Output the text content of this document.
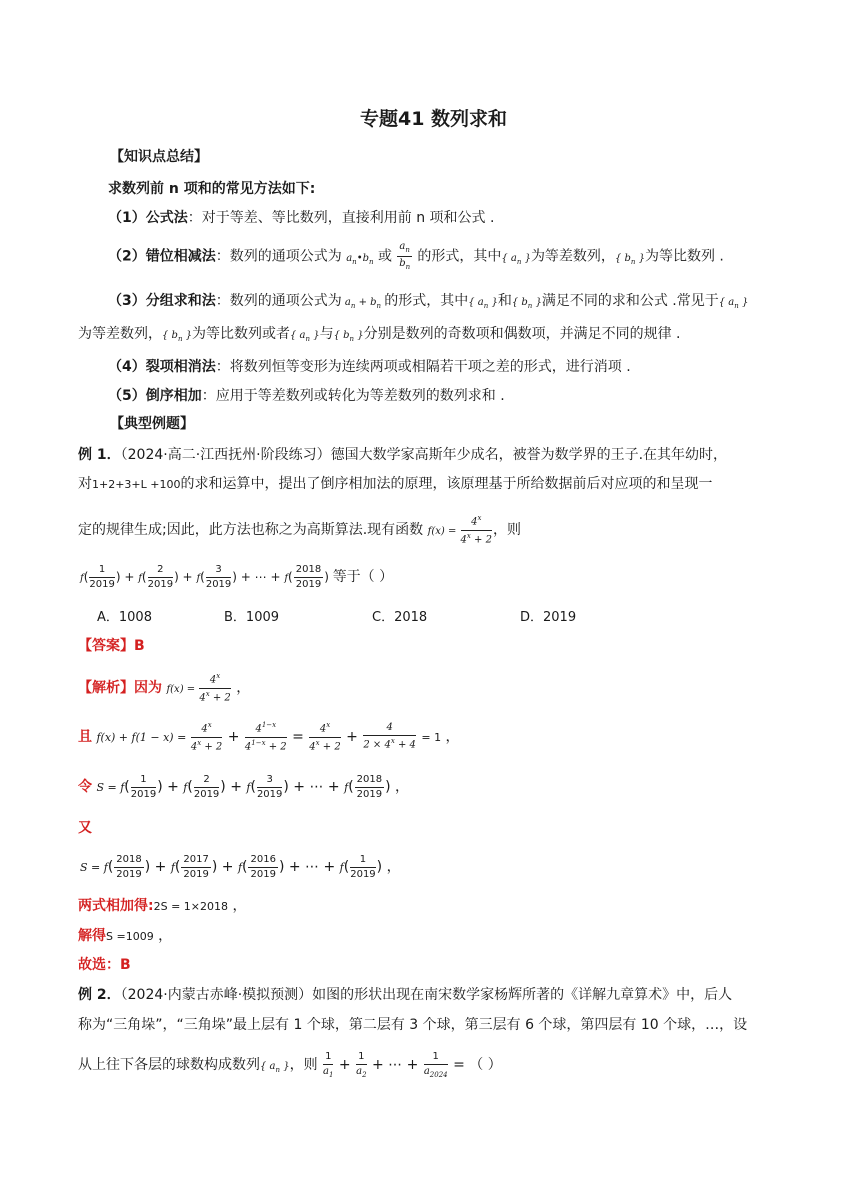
专题41 数列求和
【知识点总结】
求数列前 n 项和的常见方法如下:
（1）公式法：对于等差、等比数列，直接利用前 n 项和公式 .
（2）错位相减法：数列的通项公式为 $a_n•b_n$ 或 $\frac{a_n}{b_n}$ 的形式，其中{ $a_n$ }为等差数列，{ $b_n$ }为等比数列 .
（3）分组求和法：数列的通项公式为 $a_n + b_n$ 的形式，其中{ $a_n$ }和{ $b_n$ }满足不同的求和公式 .常见于{ $a_n$ }
为等差数列，{ $b_n$ }为等比数列或者{ $a_n$ }与{ $b_n$ }分别是数列的奇数项和偶数项，并满足不同的规律 .
（4）裂项相消法：将数列恒等变形为连续两项或相隔若干项之差的形式，进行消项 .
（5）倒序相加：应用于等差数列或转化为等差数列的数列求和 .
【典型例题】
例 1．（2024·高二·江西抚州·阶段练习）德国大数学家高斯年少成名，被誉为数学界的王子.在其年幼时，
对1+2+3+L +100的求和运算中，提出了倒序相加法的原理，该原理基于所给数据前后对应项的和呈现一
定的规律生成;因此，此方法也称之为高斯算法.现有函数 $f(x) = \frac{4^x}{4^x + 2}$ ，则
$f( \frac{1}{2019}$ ) + $f( \frac{2}{2019}$ ) + $f( \frac{3}{2019}$ ) + ⋯ + $f( \frac{2018}{2019}$ ) 等于（ ）
A．1008	B．1009	C．2018	D．2019
【答案】B
【解析】因为 $f(x) = \frac{4^x}{4^x + 2}$ ，
且 $f(x) + f(1 - x) = \frac{4^x}{4^x + 2} + \frac{4^{1-x}}{4^{1-x} + 2} = \frac{4^x}{4^x + 2} + \frac{4}{2 \times 4^x + 4} = 1$ ，
令 $S = f( \frac{1}{2019}$ ) + $f( \frac{2}{2019}$ ) + $f( \frac{3}{2019}$ ) + ⋯ + $f( \frac{2018}{2019}$ ) ，
又
$S = f( \frac{2018}{2019}$ ) + $f( \frac{2017}{2019}$ ) + $f( \frac{2016}{2019}$ ) + ⋯ + $f( \frac{1}{2019}$ ) ，
两式相加得:2S = 1×2018 ，
解得S =1009 ，
故选：B
例 2．（2024·内蒙古赤峰·模拟预测）如图的形状出现在南宋数学家杨辉所著的《详解九章算术》中，后人
称为“三角垛”，“三角垛”最上层有 1 个球，第二层有 3 个球，第三层有 6 个球，第四层有 10 个球，…，设
从上往下各层的球数构成数列{ $a_n$ }，则 $\frac{1}{a_1} + \frac{1}{a_2}$ + ⋯ + $\frac{1}{a_{2024}}$ = （ ）
